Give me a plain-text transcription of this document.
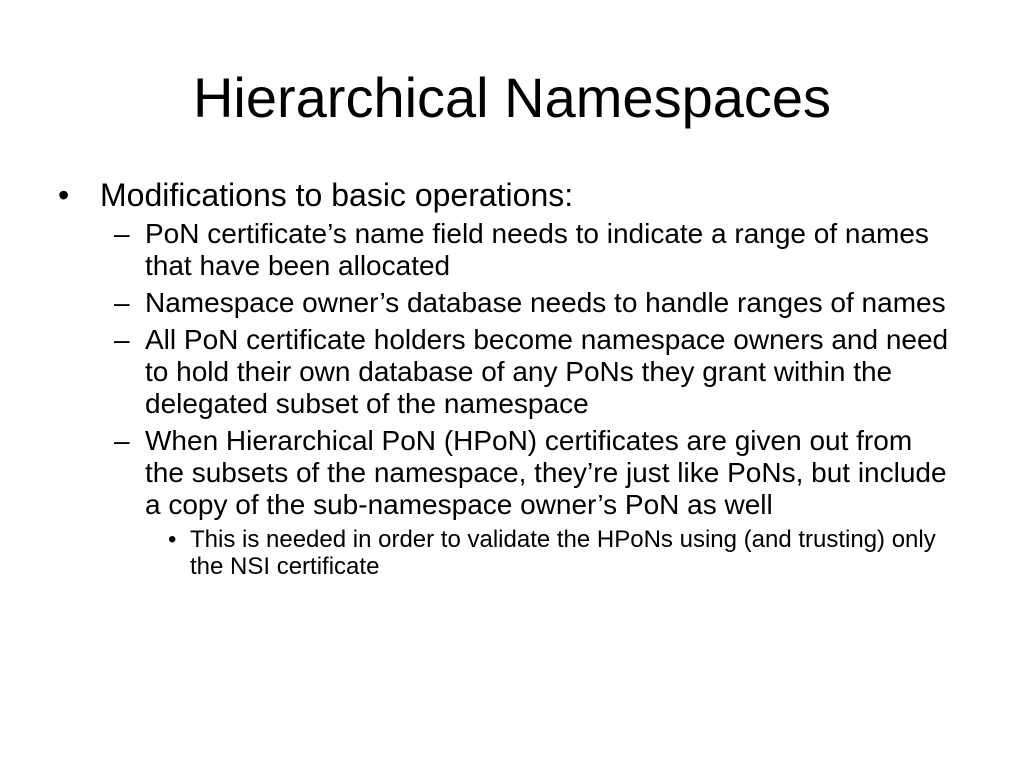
Hierarchical Namespaces
• Modifications to basic operations:
– PoN certificate’s name field needs to indicate a range of names that have been allocated
– Namespace owner’s database needs to handle ranges of names
– All PoN certificate holders become namespace owners and need to hold their own database of any PoNs they grant within the delegated subset of the namespace
– When Hierarchical PoN (HPoN) certificates are given out from the subsets of the namespace, they’re just like PoNs, but include a copy of the sub-namespace owner’s PoN as well
• This is needed in order to validate the HPoNs using (and trusting) only the NSI certificate
